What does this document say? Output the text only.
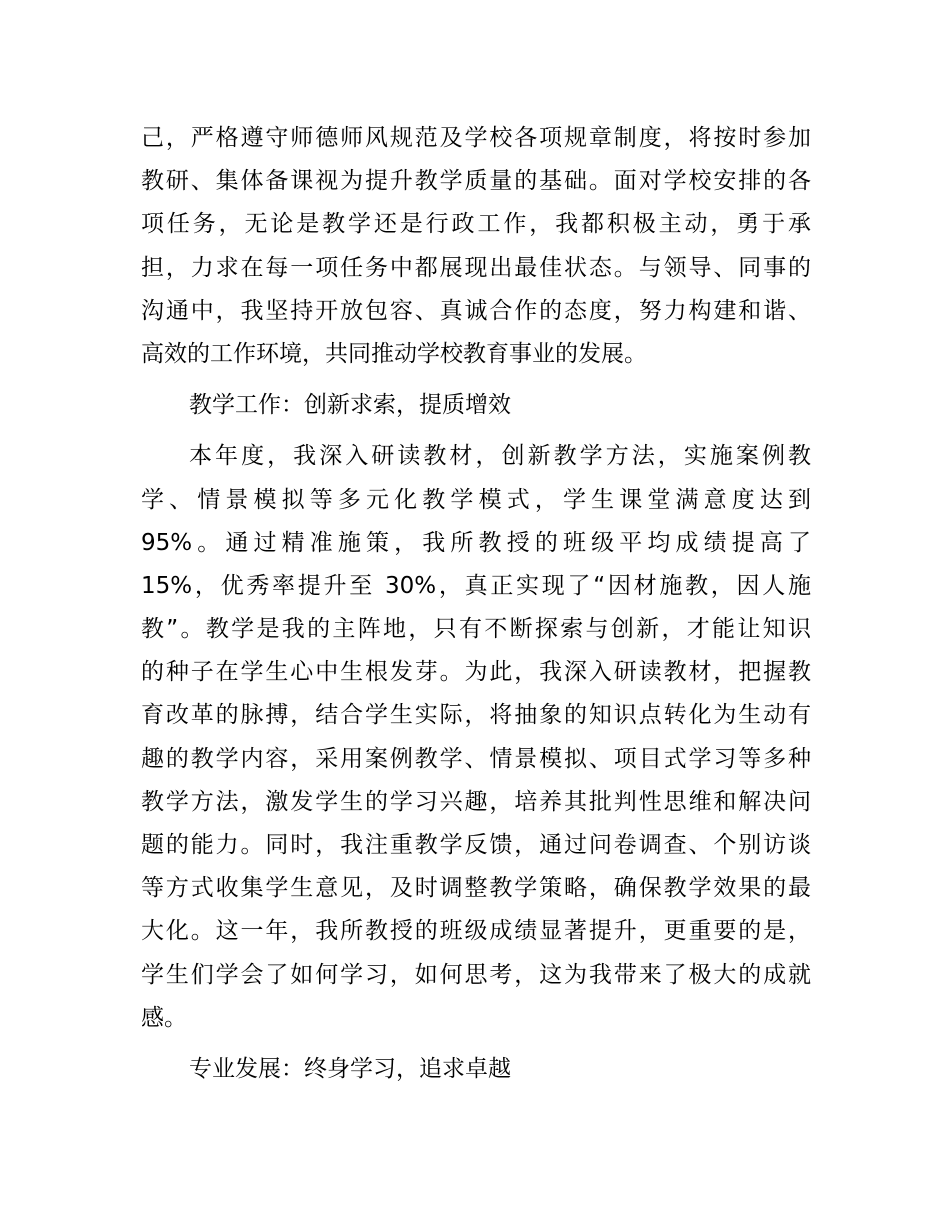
己，严格遵守师德师风规范及学校各项规章制度，将按时参加
教研、集体备课视为提升教学质量的基础。面对学校安排的各
项任务，无论是教学还是行政工作，我都积极主动，勇于承
担，力求在每一项任务中都展现出最佳状态。与领导、同事的
沟通中，我坚持开放包容、真诚合作的态度，努力构建和谐、
高效的工作环境，共同推动学校教育事业的发展。
教学工作：创新求索，提质增效
本年度，我深入研读教材，创新教学方法，实施案例教
学、情景模拟等多元化教学模式，学生课堂满意度达到
95%。通过精准施策，我所教授的班级平均成绩提高了
15%，优秀率提升至 30%，真正实现了“因材施教，因人施
教”。教学是我的主阵地，只有不断探索与创新，才能让知识
的种子在学生心中生根发芽。为此，我深入研读教材，把握教
育改革的脉搏，结合学生实际，将抽象的知识点转化为生动有
趣的教学内容，采用案例教学、情景模拟、项目式学习等多种
教学方法，激发学生的学习兴趣，培养其批判性思维和解决问
题的能力。同时，我注重教学反馈，通过问卷调查、个别访谈
等方式收集学生意见，及时调整教学策略，确保教学效果的最
大化。这一年，我所教授的班级成绩显著提升，更重要的是，
学生们学会了如何学习，如何思考，这为我带来了极大的成就
感。
专业发展：终身学习，追求卓越
